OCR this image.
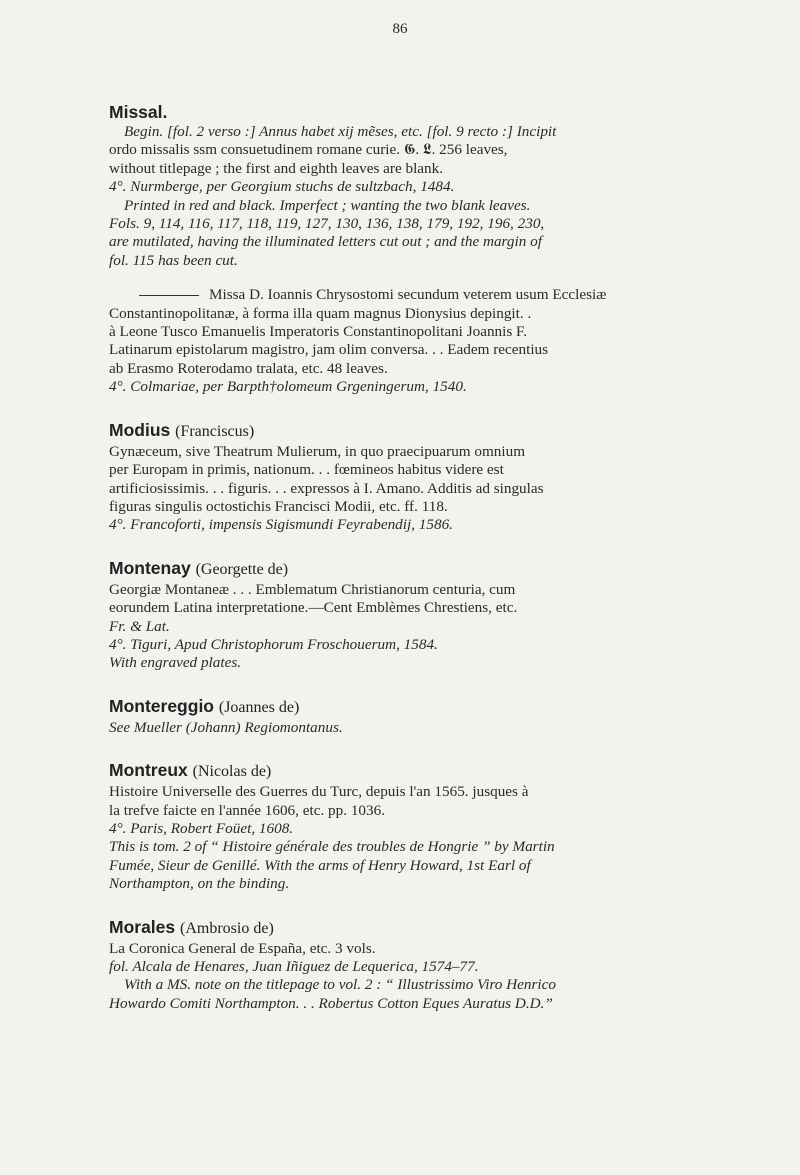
86
Missal.
Begin. [fol. 2 verso :] Annus habet xij mẽses, etc. [fol. 9 recto :] Incipit
ordo missalis ssm consuetudinem romane curie. 𝕲. 𝕷. 256 leaves,
without titlepage ; the first and eighth leaves are blank.
4°. Nurmberge, per Georgium stuchs de sultzbach, 1484.
Printed in red and black. Imperfect ; wanting the two blank leaves.
Fols. 9, 114, 116, 117, 118, 119, 127, 130, 136, 138, 179, 192, 196, 230,
are mutilated, having the illuminated letters cut out ; and the margin of
fol. 115 has been cut.
Missa D. Ioannis Chrysostomi secundum veterem usum Ecclesiæ
Constantinopolitanæ, à forma illa quam magnus Dionysius depingit. .
à Leone Tusco Emanuelis Imperatoris Constantinopolitani Joannis F.
Latinarum epistolarum magistro, jam olim conversa. . . Eadem recentius
ab Erasmo Roterodamo tralata, etc. 48 leaves.
4°. Colmariae, per Barpth†olomeum Grgeningerum, 1540.
Modius (Franciscus)
Gynæceum, sive Theatrum Mulierum, in quo praecipuarum omnium
per Europam in primis, nationum. . . fœmineos habitus videre est
artificiosissimis. . . figuris. . . expressos à I. Amano. Additis ad singulas
figuras singulis octostichis Francisci Modii, etc. ff. 118.
4°. Francoforti, impensis Sigismundi Feyrabendij, 1586.
Montenay (Georgette de)
Georgiæ Montaneæ . . . Emblematum Christianorum centuria, cum
eorundem Latina interpretatione.—Cent Emblèmes Chrestiens, etc.
Fr. & Lat.
4°. Tiguri, Apud Christophorum Froschouerum, 1584.
With engraved plates.
Montereggio (Joannes de)
See Mueller (Johann) Regiomontanus.
Montreux (Nicolas de)
Histoire Universelle des Guerres du Turc, depuis l'an 1565. jusques à
la trefve faicte en l'année 1606, etc. pp. 1036.
4°. Paris, Robert Foüet, 1608.
This is tom. 2 of “ Histoire générale des troubles de Hongrie ” by Martin
Fumée, Sieur de Genillé. With the arms of Henry Howard, 1st Earl of
Northampton, on the binding.
Morales (Ambrosio de)
La Coronica General de España, etc. 3 vols.
fol. Alcala de Henares, Juan Iñiguez de Lequerica, 1574–77.
With a MS. note on the titlepage to vol. 2 : “ Illustrissimo Viro Henrico
Howardo Comiti Northampton. . . Robertus Cotton Eques Auratus D.D.”
